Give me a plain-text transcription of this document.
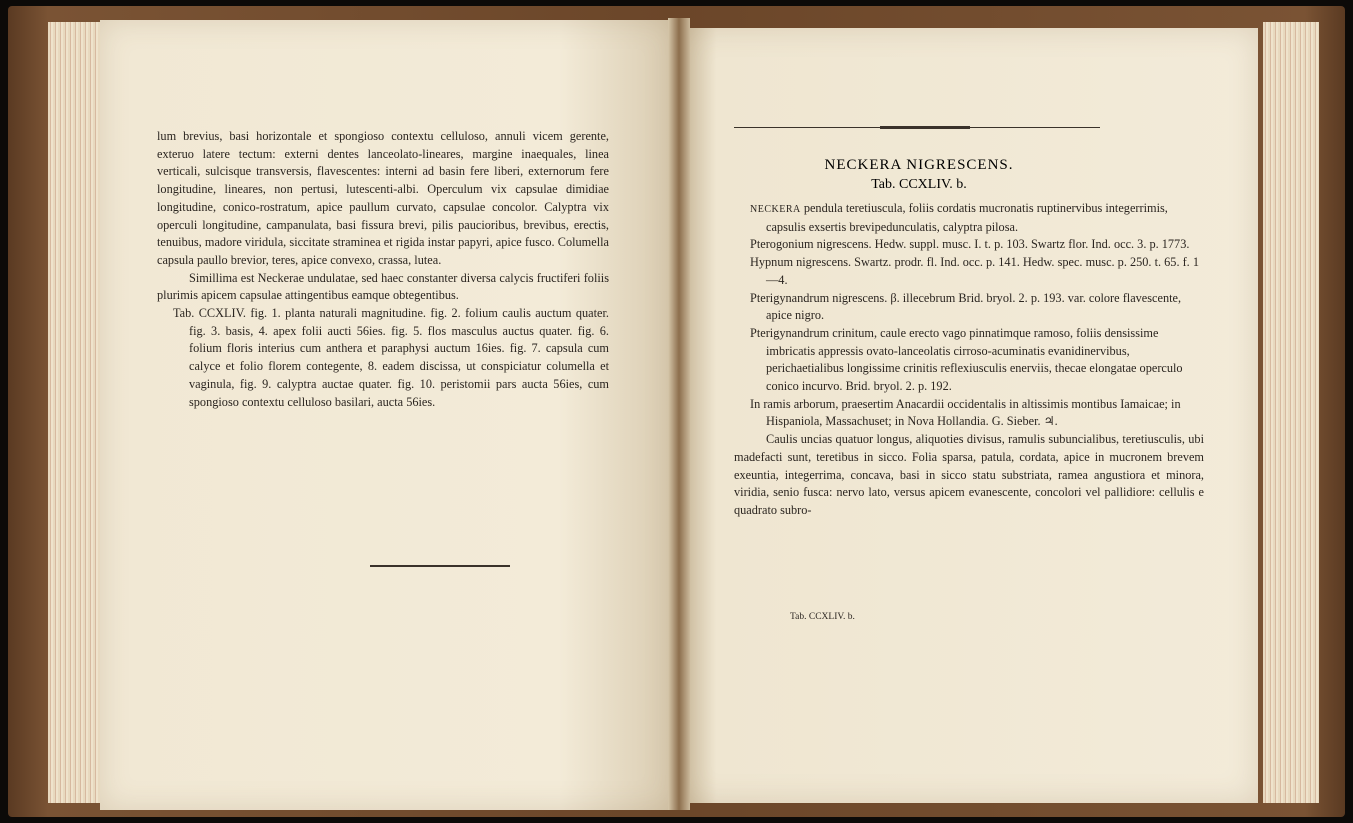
lum brevius, basi horizontale et spongioso contextu celluloso, annuli vicem gerente, exteruo latere tectum: externi dentes lanceolato-lineares, margine inaequales, linea verticali, sulcisque transversis, flavescentes: interni ad basin fere liberi, externorum fere longitudine, lineares, non pertusi, lutescenti-albi. Operculum vix capsulae dimidiae longitudine, conico-rostratum, apice paullum curvato, capsulae concolor. Calyptra vix operculi longitudine, campanulata, basi fissura brevi, pilis paucioribus, brevibus, erectis, tenuibus, madore viridula, siccitate straminea et rigida instar papyri, apice fusco. Columella capsula paullo brevior, teres, apice convexo, crassa, lutea.

Simillima est Neckerae undulatae, sed haec constanter diversa calycis fructiferi foliis plurimis apicem capsulae attingentibus eamque obtegentibus.

Tab. CCXLIV. fig. 1. planta naturali magnitudine. fig. 2. folium caulis auctum quater. fig. 3. basis, 4. apex folii aucti 56ies. fig. 5. flos masculus auctus quater. fig. 6. folium floris interius cum anthera et paraphysi auctum 16ies. fig. 7. capsula cum calyce et folio florem contegente, 8. eadem discissa, ut conspiciatur columella et vaginula, fig. 9. calyptra auctae quater. fig. 10. peristomii pars aucta 56ies, cum spongioso contextu celluloso basilari, aucta 56ies.

NECKERA NIGRESCENS.
Tab. CCXLIV. b.

NECKERA pendula teretiuscula, foliis cordatis mucronatis ruptinervibus integerrimis, capsulis exsertis brevipedunculatis, calyptra pilosa.

Pterogonium nigrescens. Hedw. suppl. musc. I. t. p. 103. Swartz flor. Ind. occ. 3. p. 1773.

Hypnum nigrescens. Swartz. prodr. fl. Ind. occ. p. 141. Hedw. spec. musc. p. 250. t. 65. f. 1—4.

Pterigynandrum nigrescens. β. illecebrum Brid. bryol. 2. p. 193. var. colore flavescente, apice nigro.

Pterigynandrum crinitum, caule erecto vago pinnatimque ramoso, foliis densissime imbricatis appressis ovato-lanceolatis cirroso-acuminatis evanidinervibus, perichaetialibus longissime crinitis reflexiusculis enerviis, thecae elongatae operculo conico incurvo. Brid. bryol. 2. p. 192.

In ramis arborum, praesertim Anacardii occidentalis in altissimis montibus Iamaicae; in Hispaniola, Massachuset; in Nova Hollandia. G. Sieber. ♃.

Caulis uncias quatuor longus, aliquoties divisus, ramulis subuncialibus, teretiusculis, ubi madefacti sunt, teretibus in sicco. Folia sparsa, patula, cordata, apice in mucronem brevem exeuntia, integerrima, concava, basi in sicco statu substriata, ramea angustiora et minora, viridia, senio fusca: nervo lato, versus apicem evanescente, concolori vel pallidiore: cellulis e quadrato subro-

Tab. CCXLIV. b.
